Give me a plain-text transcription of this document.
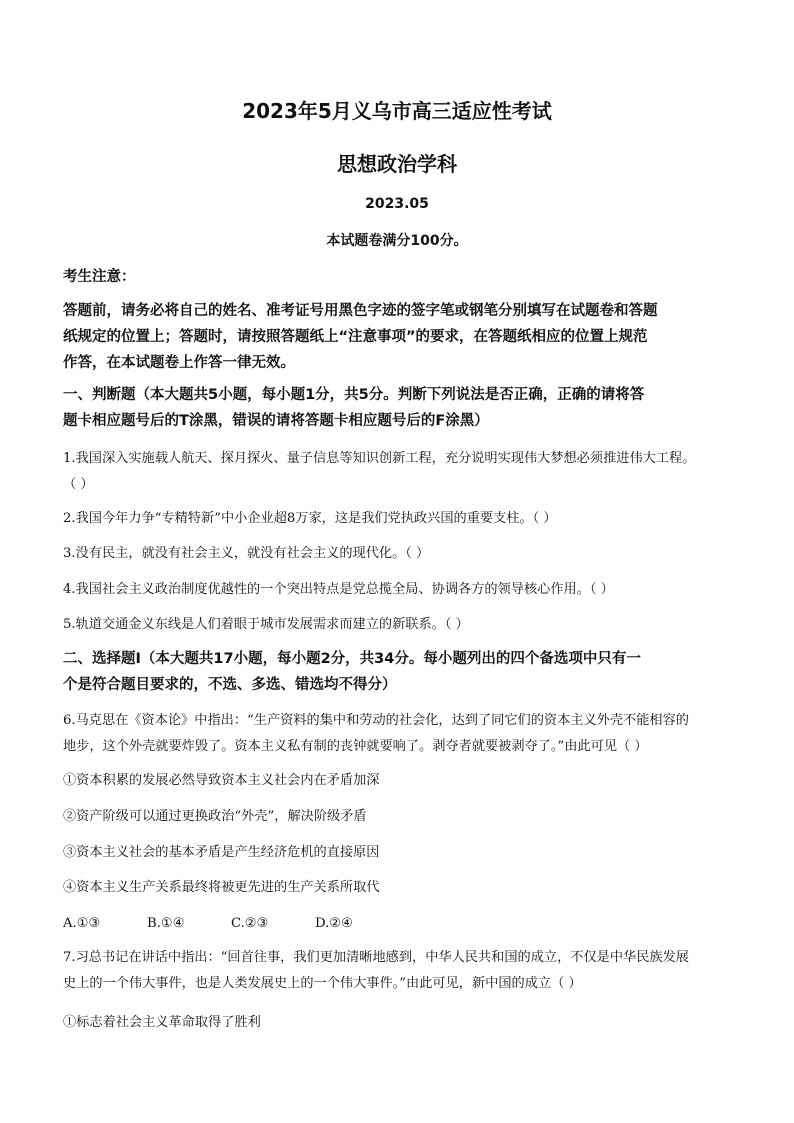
2023年5月义乌市高三适应性考试
思想政治学科
2023.05
本试题卷满分100分。
考生注意：
答题前，请务必将自己的姓名、准考证号用黑色字迹的签字笔或钢笔分别填写在试题卷和答题
纸规定的位置上；答题时，请按照答题纸上“注意事项”的要求，在答题纸相应的位置上规范
作答，在本试题卷上作答一律无效。
一、判断题（本大题共5小题，每小题1分，共5分。判断下列说法是否正确，正确的请将答
题卡相应题号后的T涂黑，错误的请将答题卡相应题号后的F涂黑）
1.我国深入实施载人航天、探月探火、量子信息等知识创新工程，充分说明实现伟大梦想必须推进伟大工程。
（ ）
2.我国今年力争“专精特新”中小企业超8万家，这是我们党执政兴国的重要支柱。（ ）
3.没有民主，就没有社会主义，就没有社会主义的现代化。（ ）
4.我国社会主义政治制度优越性的一个突出特点是党总揽全局、协调各方的领导核心作用。（ ）
5.轨道交通金义东线是人们着眼于城市发展需求而建立的新联系。（ ）
二、选择题Ⅰ（本大题共17小题，每小题2分，共34分。每小题列出的四个备选项中只有一
个是符合题目要求的，不选、多选、错选均不得分）
6.马克思在《资本论》中指出：“生产资料的集中和劳动的社会化，达到了同它们的资本主义外壳不能相容的
地步，这个外壳就要炸毁了。资本主义私有制的丧钟就要响了。剥夺者就要被剥夺了。”由此可见（ ）
①资本积累的发展必然导致资本主义社会内在矛盾加深
②资产阶级可以通过更换政治“外壳”，解决阶级矛盾
③资本主义社会的基本矛盾是产生经济危机的直接原因
④资本主义生产关系最终将被更先进的生产关系所取代
A.①③	B.①④	C.②③	D.②④
7.习总书记在讲话中指出：“回首往事，我们更加清晰地感到，中华人民共和国的成立，不仅是中华民族发展
史上的一个伟大事件，也是人类发展史上的一个伟大事件。”由此可见，新中国的成立（ ）
①标志着社会主义革命取得了胜利
